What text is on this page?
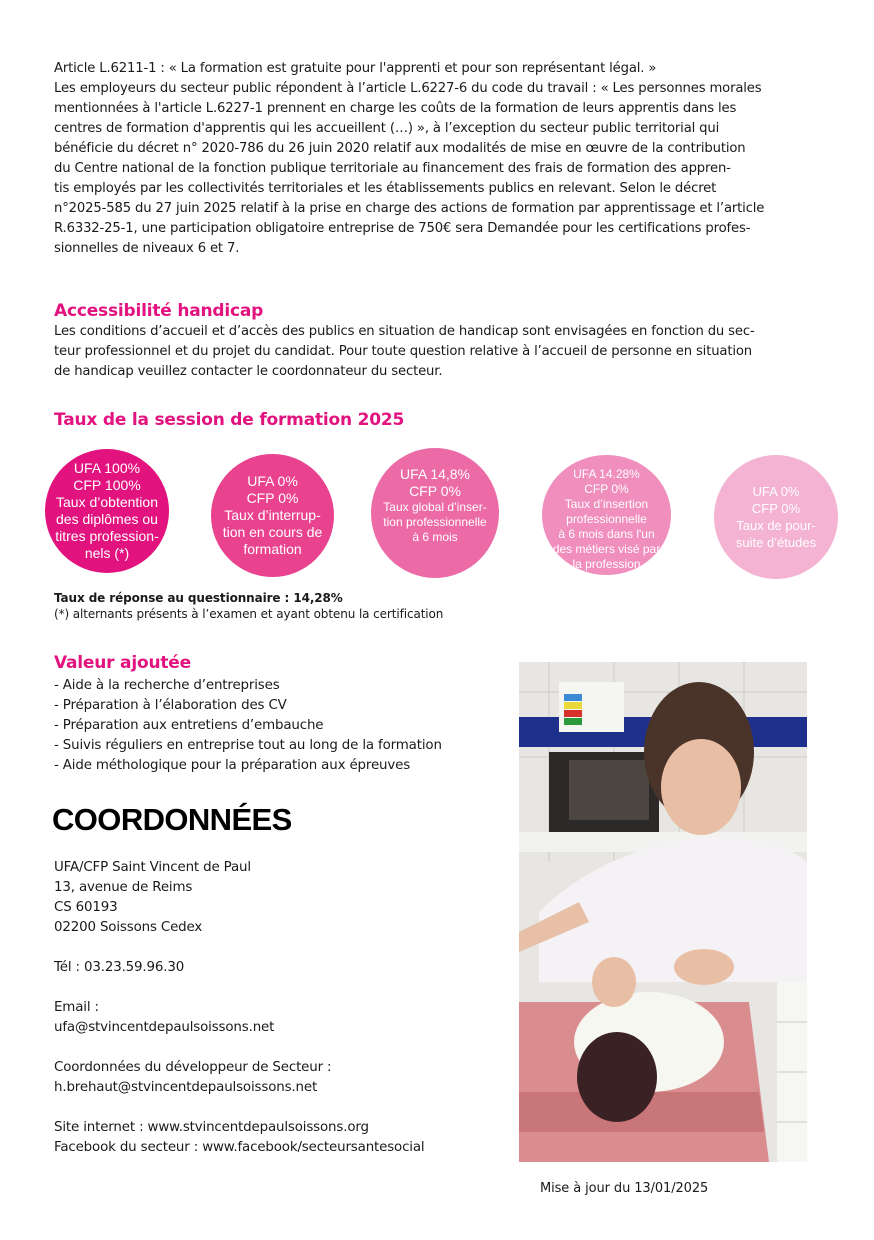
Article L.6211-1 : « La formation est gratuite pour l'apprenti et pour son représentant légal. »
Les employeurs du secteur public répondent à l’article L.6227-6 du code du travail : « Les personnes morales
mentionnées à l'article L.6227-1 prennent en charge les coûts de la formation de leurs apprentis dans les
centres de formation d'apprentis qui les accueillent (…) », à l’exception du secteur public territorial qui
bénéficie du décret n° 2020-786 du 26 juin 2020 relatif aux modalités de mise en œuvre de la contribution
du Centre national de la fonction publique territoriale au financement des frais de formation des appren-
tis employés par les collectivités territoriales et les établissements publics en relevant. Selon le décret
n°2025-585 du 27 juin 2025 relatif à la prise en charge des actions de formation par apprentissage et l’article
R.6332-25-1, une participation obligatoire entreprise de 750€ sera Demandée pour les certifications profes-
sionnelles de niveaux 6 et 7.
Accessibilité handicap
Les conditions d’accueil et d’accès des publics en situation de handicap sont envisagées en fonction du sec-
teur professionnel et du projet du candidat. Pour toute question relative à l’accueil de personne en situation
de handicap veuillez contacter le coordonnateur du secteur.
Taux de la session de formation 2025
UFA 100%
CFP 100%
Taux d’obtention
des diplômes ou
titres profession-
nels (*)
UFA 0%
CFP 0%
Taux d’interrup-
tion en cours de
formation
UFA 14,8%
CFP 0%
Taux global d’inser-
tion professionnelle
à 6 mois
UFA 14.28%
CFP 0%
Taux d’insertion
professionnelle
à 6 mois dans l'un
des métiers visé par
la profession
UFA 0%
CFP 0%
Taux de pour-
suite d’études
Taux de réponse au questionnaire : 14,28%
(*) alternants présents à l’examen et ayant obtenu la certification
Valeur ajoutée
- Aide à la recherche d’entreprises
- Préparation à l’élaboration des CV
- Préparation aux entretiens d’embauche
- Suivis réguliers en entreprise tout au long de la formation
- Aide méthologique pour la préparation aux épreuves
COORDONNÉES
UFA/CFP Saint Vincent de Paul
13, avenue de Reims
CS 60193
02200 Soissons Cedex
Tél : 03.23.59.96.30
Email :
ufa@stvincentdepaulsoissons.net
Coordonnées du développeur de Secteur :
h.brehaut@stvincentdepaulsoissons.net
Site internet : www.stvincentdepaulsoissons.org
Facebook du secteur : www.facebook/secteursantesocial
Mise à jour du 13/01/2025
